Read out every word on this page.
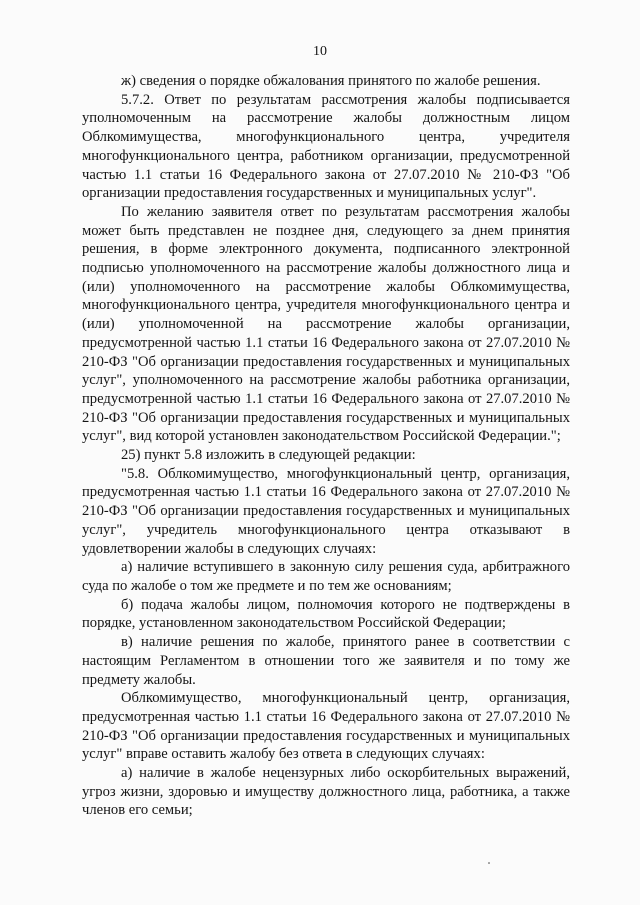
10

ж) сведения о порядке обжалования принятого по жалобе решения.

5.7.2. Ответ по результатам рассмотрения жалобы подписывается уполномоченным на рассмотрение жалобы должностным лицом Облкомимущества, многофункционального центра, учредителя многофункционального центра, работником организации, предусмотренной частью 1.1 статьи 16 Федерального закона от 27.07.2010 № 210-ФЗ "Об организации предоставления государственных и муниципальных услуг".

По желанию заявителя ответ по результатам рассмотрения жалобы может быть представлен не позднее дня, следующего за днем принятия решения, в форме электронного документа, подписанного электронной подписью уполномоченного на рассмотрение жалобы должностного лица и (или) уполномоченного на рассмотрение жалобы Облкомимущества, многофункционального центра, учредителя многофункционального центра и (или) уполномоченной на рассмотрение жалобы организации, предусмотренной частью 1.1 статьи 16 Федерального закона от 27.07.2010 № 210-ФЗ "Об организации предоставления государственных и муниципальных услуг", уполномоченного на рассмотрение жалобы работника организации, предусмотренной частью 1.1 статьи 16 Федерального закона от 27.07.2010 № 210-ФЗ "Об организации предоставления государственных и муниципальных услуг", вид которой установлен законодательством Российской Федерации.";

25) пункт 5.8 изложить в следующей редакции:

"5.8. Облкомимущество, многофункциональный центр, организация, предусмотренная частью 1.1 статьи 16 Федерального закона от 27.07.2010 № 210-ФЗ "Об организации предоставления государственных и муниципальных услуг", учредитель многофункционального центра отказывают в удовлетворении жалобы в следующих случаях:

а) наличие вступившего в законную силу решения суда, арбитражного суда по жалобе о том же предмете и по тем же основаниям;

б) подача жалобы лицом, полномочия которого не подтверждены в порядке, установленном законодательством Российской Федерации;

в) наличие решения по жалобе, принятого ранее в соответствии с настоящим Регламентом в отношении того же заявителя и по тому же предмету жалобы.

Облкомимущество, многофункциональный центр, организация, предусмотренная частью 1.1 статьи 16 Федерального закона от 27.07.2010 № 210-ФЗ "Об организации предоставления государственных и муниципальных услуг" вправе оставить жалобу без ответа в следующих случаях:

а) наличие в жалобе нецензурных либо оскорбительных выражений, угроз жизни, здоровью и имуществу должностного лица, работника, а также членов его семьи;
